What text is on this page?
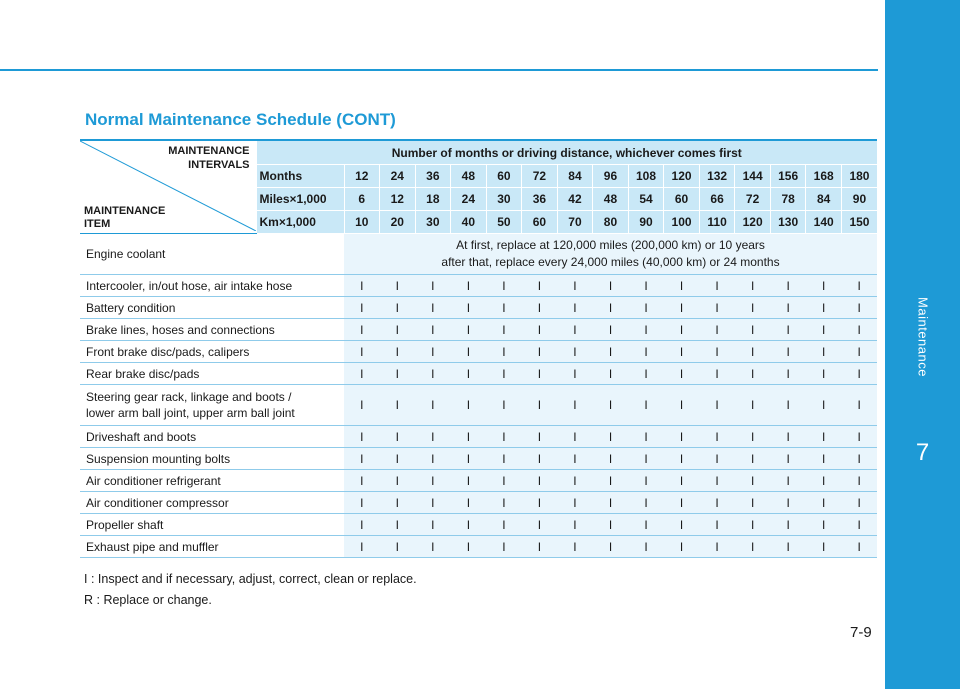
Maintenance
7
7-9
Normal Maintenance Schedule (CONT)
MAINTENANCE
INTERVALS
MAINTENANCE
ITEM	Number of months or driving distance, whichever comes first															
	Months	12	24	36	48	60	72	84	96	108	120	132	144	156	168	180
	Miles×1,000	6	12	18	24	30	36	42	48	54	60	66	72	78	84	90
	Km×1,000	10	20	30	40	50	60	70	80	90	100	110	120	130	140	150
Engine coolant		At first, replace at 120,000 miles (200,000 km) or 10 years
after that, replace every 24,000 miles (40,000 km) or 24 months														

Intercooler, in/out hose, air intake hose		I	I	I	I	I	I	I	I	I	I	I	I	I	I	I
Battery condition		I	I	I	I	I	I	I	I	I	I	I	I	I	I	I
Brake lines, hoses and connections		I	I	I	I	I	I	I	I	I	I	I	I	I	I	I
Front brake disc/pads, calipers		I	I	I	I	I	I	I	I	I	I	I	I	I	I	I
Rear brake disc/pads		I	I	I	I	I	I	I	I	I	I	I	I	I	I	I

Steering gear rack, linkage and boots /
lower arm ball joint, upper arm ball joint		I	I	I	I	I	I	I	I	I	I	I	I	I	I	I
Driveshaft and boots		I	I	I	I	I	I	I	I	I	I	I	I	I	I	I
Suspension mounting bolts		I	I	I	I	I	I	I	I	I	I	I	I	I	I	I
Air conditioner refrigerant		I	I	I	I	I	I	I	I	I	I	I	I	I	I	I
Air conditioner compressor		I	I	I	I	I	I	I	I	I	I	I	I	I	I	I
Propeller shaft		I	I	I	I	I	I	I	I	I	I	I	I	I	I	I
Exhaust pipe and muffler		I	I	I	I	I	I	I	I	I	I	I	I	I	I	I
I : Inspect and if necessary, adjust, correct, clean or replace.
R : Replace or change.
